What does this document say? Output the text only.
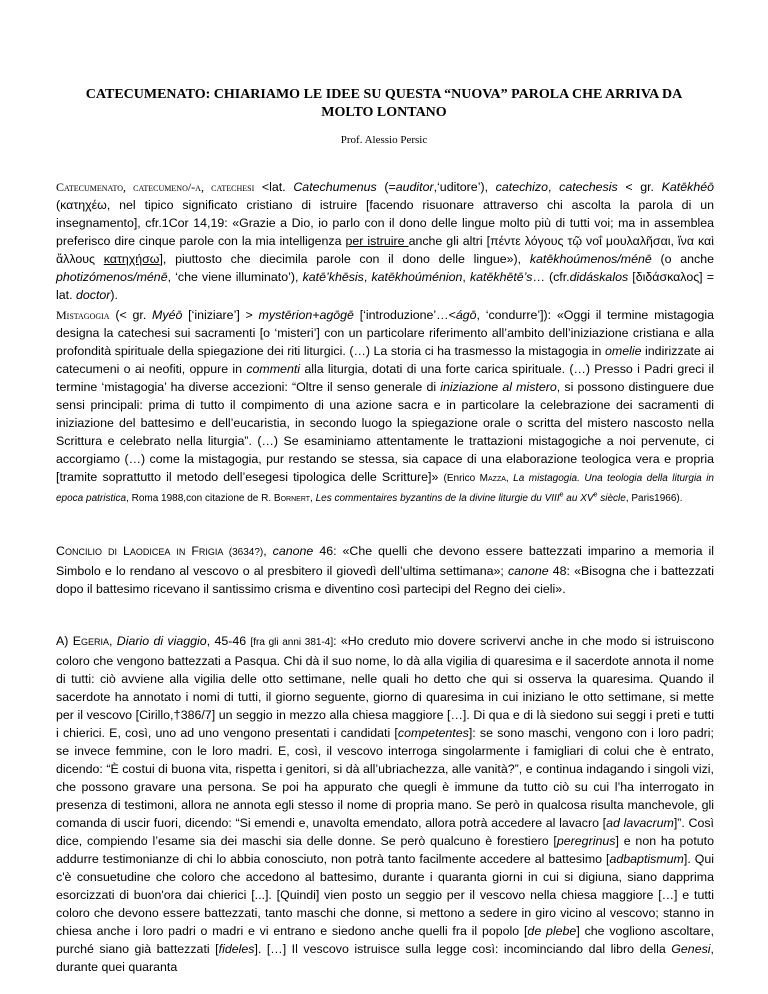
CATECUMENATO: CHIARIAMO LE IDEE SU QUESTA “NUOVA” PAROLA CHE ARRIVA DA MOLTO LONTANO
Prof. Alessio Persic
Catecumenato, catecumeno/-a, catechesi <lat. Catechumenus (=auditor,‘uditore’), catechizo, catechesis < gr. Katēkhéō (κατηχέω, nel tipico significato cristiano di istruire [facendo risuonare attraverso chi ascolta la parola di un insegnamento], cfr.1Cor 14,19: «Grazie a Dio, io parlo con il dono delle lingue molto più di tutti voi; ma in assemblea preferisco dire cinque parole con la mia intelligenza per istruire anche gli altri [πέντε λόγους τῷ νοΐ μουλαλῆσαι, ἵνα καὶ ἄλλους κατηχήσω], piuttosto che diecimila parole con il dono delle lingue»), katēkhoúmenos/ménē (o anche photizómenos/ménē, ‘che viene illuminato’), katē’khēsis, katēkhoúménion, katēkhētē’s… (cfr.didáskalos [διδάσκαλος] = lat. doctor).
Mistagogia (< gr. Myéō [‘iniziare’] > mystērion+agōgē [‘introduzione’…<ágō, ‘condurre’]): «Oggi il termine mistagogia designa la catechesi sui sacramenti [o ‘misteri’] con un particolare riferimento all’ambito dell’iniziazione cristiana e alla profondità spirituale della spiegazione dei riti liturgici. (…) La storia ci ha trasmesso la mistagogia in omelie indirizzate ai catecumeni o ai neofiti, oppure in commenti alla liturgia, dotati di una forte carica spirituale. (…) Presso i Padri greci il termine ‘mistagogia’ ha diverse accezioni: “Oltre il senso generale di iniziazione al mistero, si possono distinguere due sensi principali: prima di tutto il compimento di una azione sacra e in particolare la celebrazione dei sacramenti di iniziazione del battesimo e dell’eucaristia, in secondo luogo la spiegazione orale o scritta del mistero nascosto nella Scrittura e celebrato nella liturgia”. (…) Se esaminiamo attentamente le trattazioni mistagogiche a noi pervenute, ci accorgiamo (…) come la mistagogia, pur restando se stessa, sia capace di una elaborazione teologica vera e propria [tramite soprattutto il metodo dell’esegesi tipologica delle Scritture]» (Enrico Mazza, La mistagogia. Una teologia della liturgia in epoca patristica, Roma 1988,con citazione de R. Bornert, Les commentaires byzantins de la divine liturgie du VIIIe au XVe siècle, Paris1966).
Concilio di Laodicea in Frigia (3634?), canone 46: «Che quelli che devono essere battezzati imparino a memoria il Simbolo e lo rendano al vescovo o al presbitero il giovedì dell’ultima settimana»; canone 48: «Bisogna che i battezzati dopo il battesimo ricevano il santissimo crisma e diventino così partecipi del Regno dei cieli».
A) Egeria, Diario di viaggio, 45-46 [fra gli anni 381-4]: «Ho creduto mio dovere scrivervi anche in che modo si istruiscono coloro che vengono battezzati a Pasqua. Chi dà il suo nome, lo dà alla vigilia di quaresima e il sacerdote annota il nome di tutti: ciò avviene alla vigilia delle otto settimane, nelle quali ho detto che qui si osserva la quaresima. Quando il sacerdote ha annotato i nomi di tutti, il giorno seguente, giorno di quaresima in cui iniziano le otto settimane, si mette per il vescovo [Cirillo,†386/7] un seggio in mezzo alla chiesa maggiore […]. Di qua e di là siedono sui seggi i preti e tutti i chierici. E, così, uno ad uno vengono presentati i candidati [competentes]: se sono maschi, vengono con i loro padri; se invece femmine, con le loro madri. E, così, il vescovo interroga singolarmente i famigliari di colui che è entrato, dicendo: “È costui di buona vita, rispetta i genitori, si dà all’ubriachezza, alle vanità?”, e continua indagando i singoli vizi, che possono gravare una persona. Se poi ha appurato che quegli è immune da tutto ciò su cui l’ha interrogato in presenza di testimoni, allora ne annota egli stesso il nome di propria mano. Se però in qualcosa risulta manchevole, gli comanda di uscir fuori, dicendo: “Si emendi e, unavolta emendato, allora potrà accedere al lavacro [ad lavacrum]”. Così dice, compiendo l’esame sia dei maschi sia delle donne. Se però qualcuno è forestiero [peregrinus] e non ha potuto addurre testimonianze di chi lo abbia conosciuto, non potrà tanto facilmente accedere al battesimo [adbaptismum]. Qui c'è consuetudine che coloro che accedono al battesimo, durante i quaranta giorni in cui si digiuna, siano dapprima esorcizzati di buon'ora dai chierici [...]. [Quindi] vien posto un seggio per il vescovo nella chiesa maggiore […] e tutti coloro che devono essere battezzati, tanto maschi che donne, si mettono a sedere in giro vicino al vescovo; stanno in chiesa anche i loro padri o madri e vi entrano e siedono anche quelli fra il popolo [de plebe] che vogliono ascoltare, purché siano già battezzati [fideles]. […] Il vescovo istruisce sulla legge così: incominciando dal libro della Genesi, durante quei quaranta
